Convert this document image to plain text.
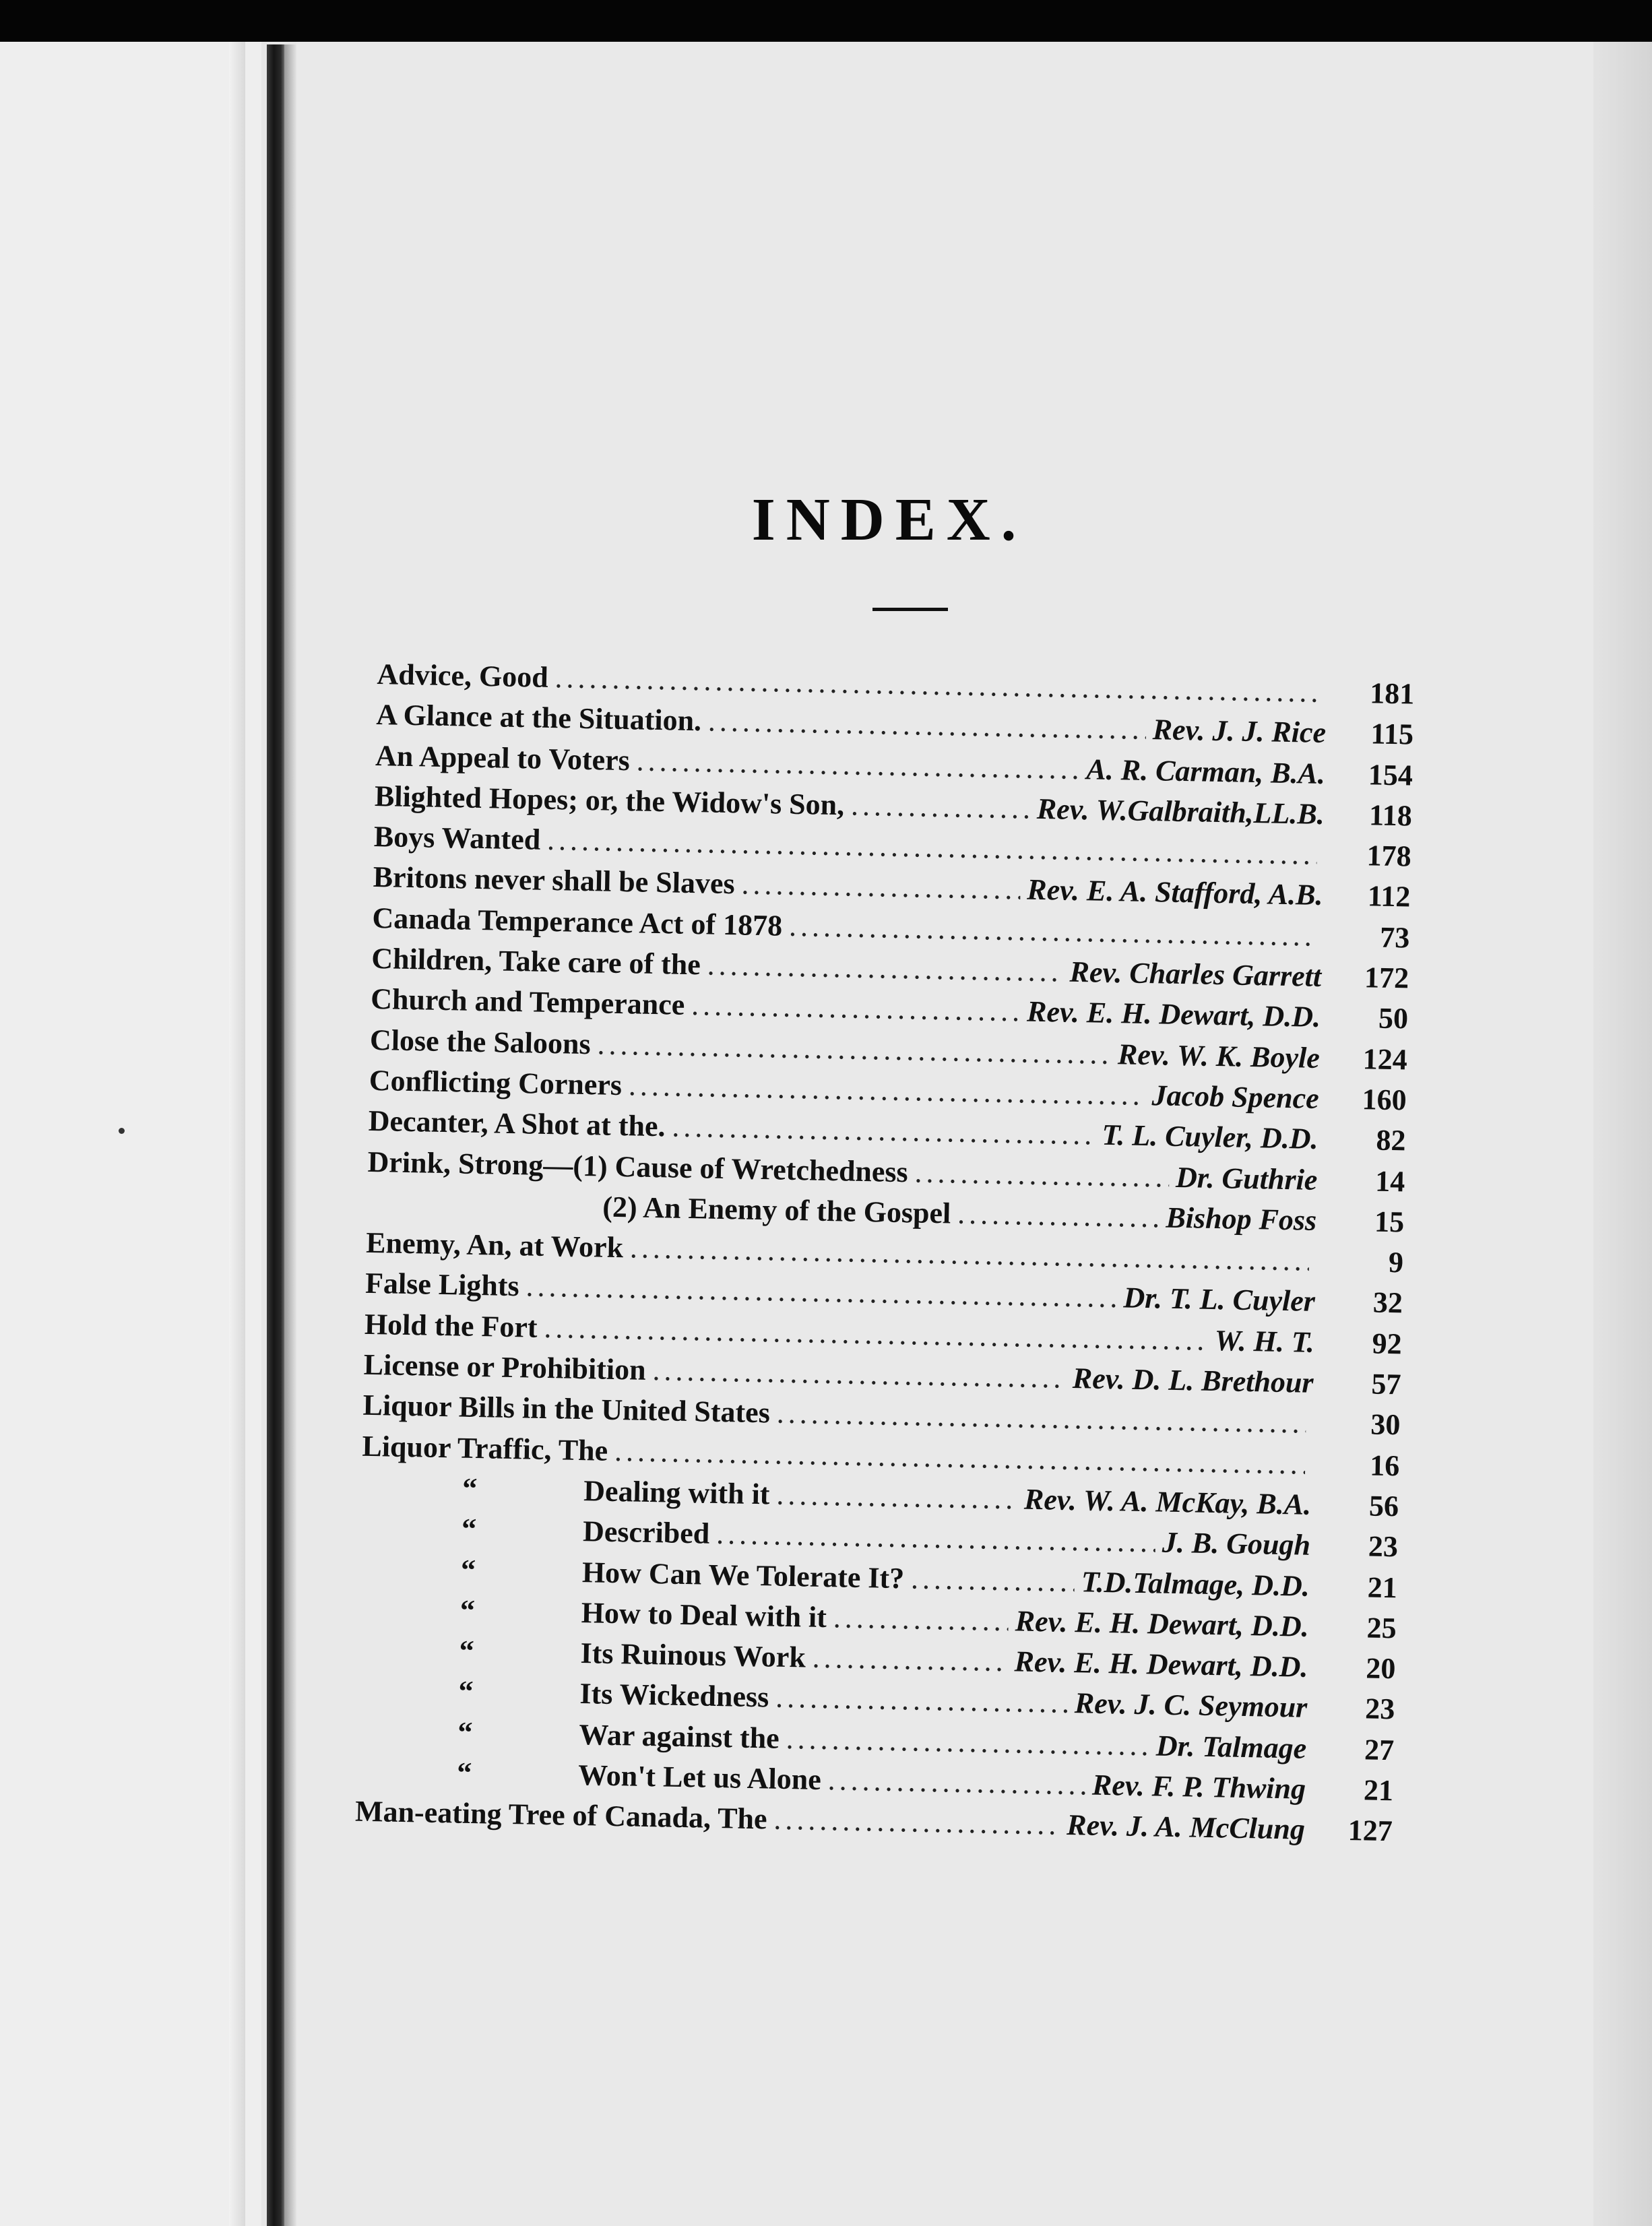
INDEX.
Advice, Good .....	181
A Glance at the Situation. .....	Rev. J. J. Rice	115
An Appeal to Voters .....	A. R. Carman, B.A.	154
Blighted Hopes; or, the Widow's Son, .....	Rev. W.Galbraith,LL.B.	118
Boys Wanted .....	178
Britons never shall be Slaves .....	Rev. E. A. Stafford, A.B.	112
Canada Temperance Act of 1878 .....	73
Children, Take care of the .....	Rev. Charles Garrett	172
Church and Temperance .....	Rev. E. H. Dewart, D.D.	50
Close the Saloons .....	Rev. W. K. Boyle	124
Conflicting Corners .....	Jacob Spence	160
Decanter, A Shot at the. .....	T. L. Cuyler, D.D.	82
Drink, Strong—(1) Cause of Wretchedness .....	Dr. Guthrie	14
(2) An Enemy of the Gospel .....	Bishop Foss	15
Enemy, An, at Work .....	9
False Lights .....	Dr. T. L. Cuyler	32
Hold the Fort .....	W. H. T.	92
License or Prohibition .....	Rev. D. L. Brethour	57
Liquor Bills in the United States .....	30
Liquor Traffic, The .....	16
“	Dealing with it .....	Rev. W. A. McKay, B.A.	56
“	Described .....	J. B. Gough	23
“	How Can We Tolerate It? .....	T.D.Talmage, D.D.	21
“	How to Deal with it .....	Rev. E. H. Dewart, D.D.	25
“	Its Ruinous Work .....	Rev. E. H. Dewart, D.D.	20
“	Its Wickedness .....	Rev. J. C. Seymour	23
“	War against the .....	Dr. Talmage	27
“	Won't Let us Alone .....	Rev. F. P. Thwing	21
Man-eating Tree of Canada, The .....	Rev. J. A. McClung	127
